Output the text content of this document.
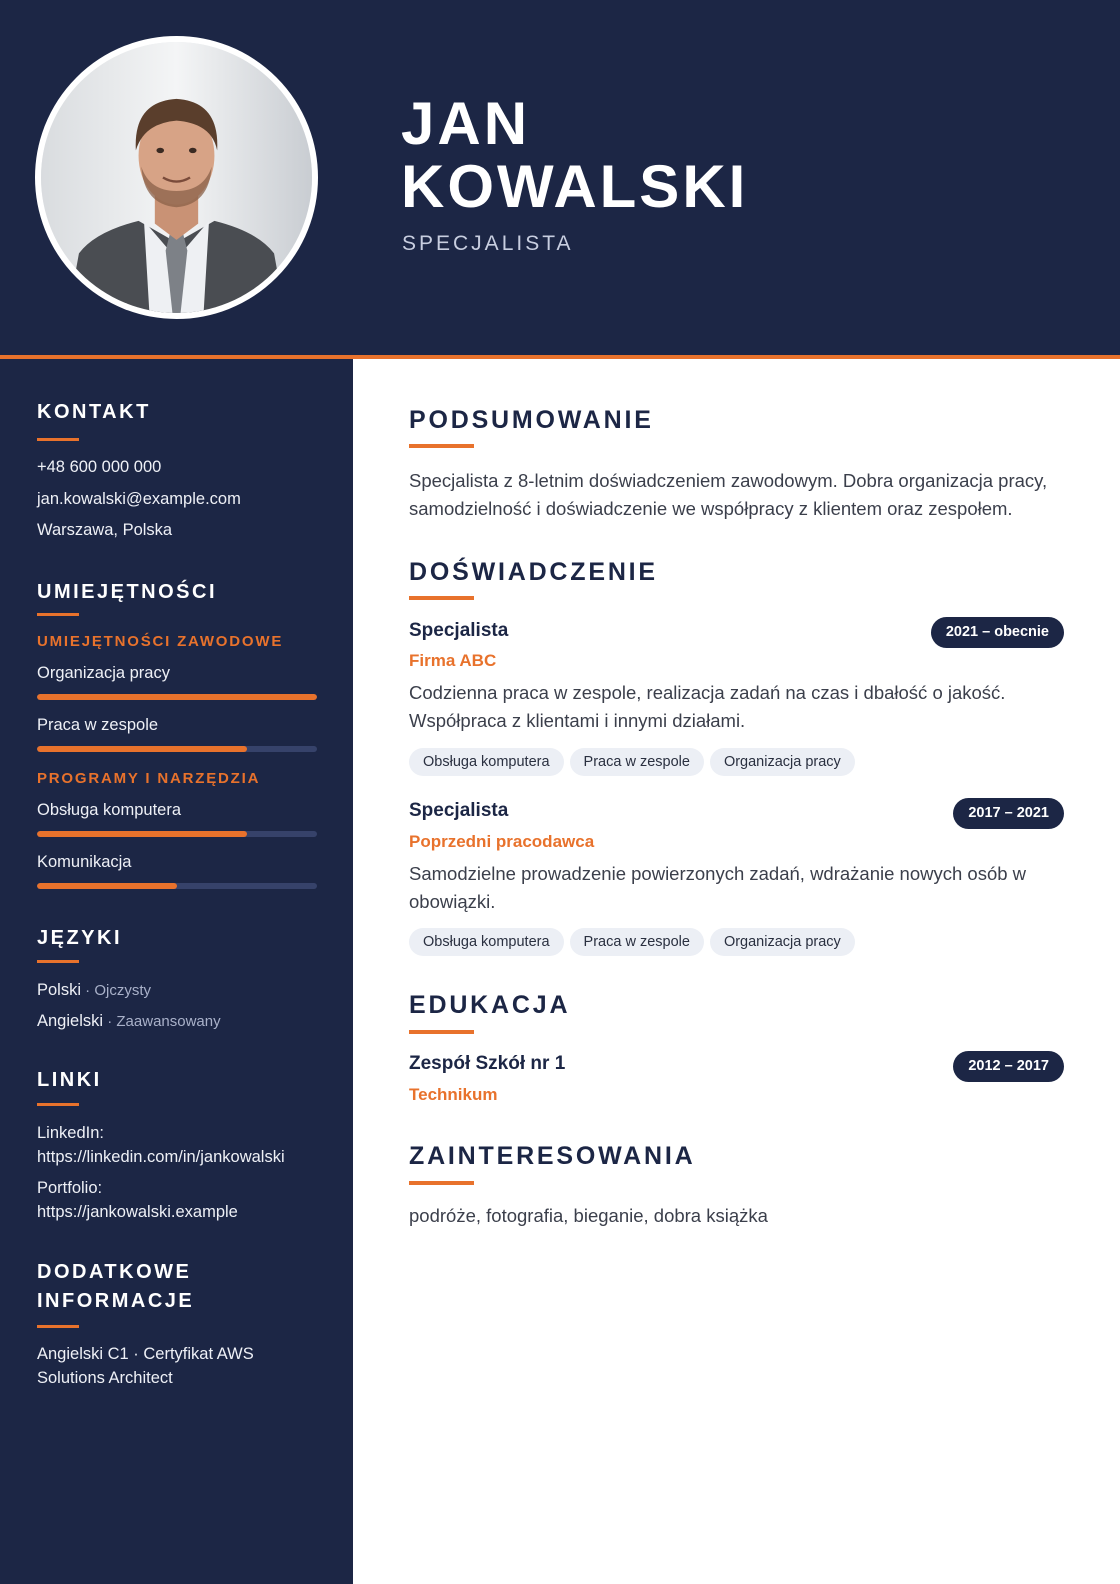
JAN
KOWALSKI
SPECJALISTA
KONTAKT
+48 600 000 000
jan.kowalski@example.com
Warszawa, Polska
UMIEJĘTNOŚCI
UMIEJĘTNOŚCI ZAWODOWE
Organizacja pracy
Praca w zespole
PROGRAMY I NARZĘDZIA
Obsługa komputera
Komunikacja
JĘZYKI
Polski · Ojczysty
Angielski · Zaawansowany
LINKI
LinkedIn:
https://linkedin.com/in/jankowalski
Portfolio:
https://jankowalski.example
DODATKOWE
INFORMACJE
Angielski C1 · Certyfikat AWS
Solutions Architect
PODSUMOWANIE
Specjalista z 8-letnim doświadczeniem zawodowym. Dobra organizacja pracy,
samodzielność i doświadczenie we współpracy z klientem oraz zespołem.
DOŚWIADCZENIE
Specjalista	2021 – obecnie
Firma ABC
Codzienna praca w zespole, realizacja zadań na czas i dbałość o jakość.
Współpraca z klientami i innymi działami.
Obsługa komputera	Praca w zespole	Organizacja pracy
Specjalista	2017 – 2021
Poprzedni pracodawca
Samodzielne prowadzenie powierzonych zadań, wdrażanie nowych osób w
obowiązki.
Obsługa komputera	Praca w zespole	Organizacja pracy
EDUKACJA
Zespół Szkół nr 1	2012 – 2017
Technikum
ZAINTERESOWANIA
podróże, fotografia, bieganie, dobra książka
